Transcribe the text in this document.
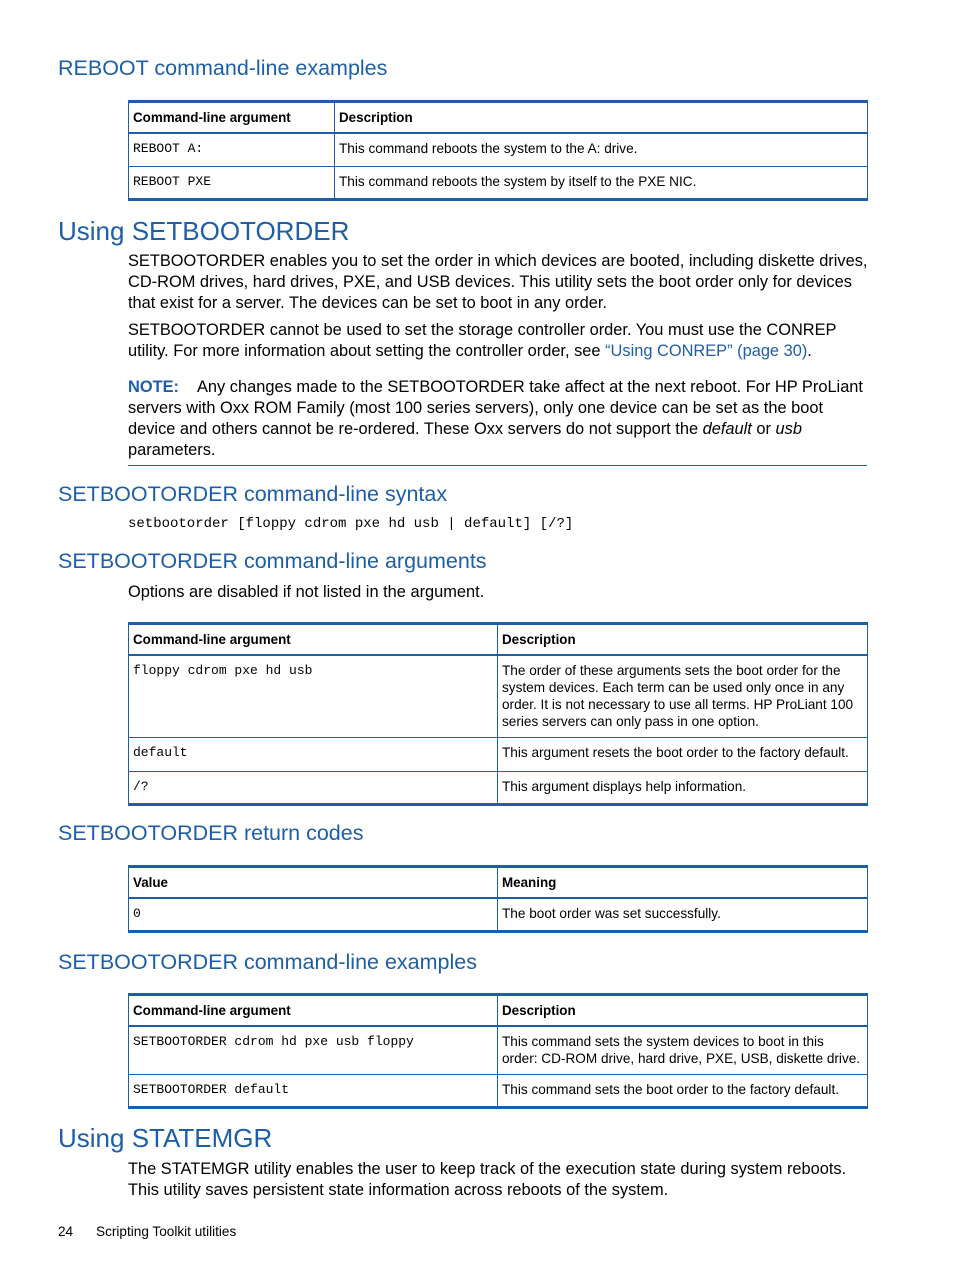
REBOOT command-line examples
Command-line argument	Description
REBOOT A:	This command reboots the system to the A: drive.
REBOOT PXE	This command reboots the system by itself to the PXE NIC.
Using SETBOOTORDER

SETBOOTORDER enables you to set the order in which devices are booted, including diskette drives, CD-ROM drives, hard drives, PXE, and USB devices. This utility sets the boot order only for devices that exist for a server. The devices can be set to boot in any order.

SETBOOTORDER cannot be used to set the storage controller order. You must use the CONREP utility. For more information about setting the controller order, see “Using CONREP” (page 30).

NOTE: Any changes made to the SETBOOTORDER take affect at the next reboot. For HP ProLiant servers with Oxx ROM Family (most 100 series servers), only one device can be set as the boot device and others cannot be re-ordered. These Oxx servers do not support the default or usb parameters.

SETBOOTORDER command-line syntax
setbootorder [floppy cdrom pxe hd usb | default] [/?]
SETBOOTORDER command-line arguments

Options are disabled if not listed in the argument.

Command-line argument	Description
floppy cdrom pxe hd usb	The order of these arguments sets the boot order for the system devices. Each term can be used only once in any order. It is not necessary to use all terms. HP ProLiant 100 series servers can only pass in one option.
default	This argument resets the boot order to the factory default.
/?	This argument displays help information.
SETBOOTORDER return codes
Value	Meaning
0	The boot order was set successfully.
SETBOOTORDER command-line examples
Command-line argument	Description
SETBOOTORDER cdrom hd pxe usb floppy	This command sets the system devices to boot in this order: CD-ROM drive, hard drive, PXE, USB, diskette drive.
SETBOOTORDER default	This command sets the boot order to the factory default.
Using STATEMGR

The STATEMGR utility enables the user to keep track of the execution state during system reboots. This utility saves persistent state information across reboots of the system.

24 Scripting Toolkit utilities
